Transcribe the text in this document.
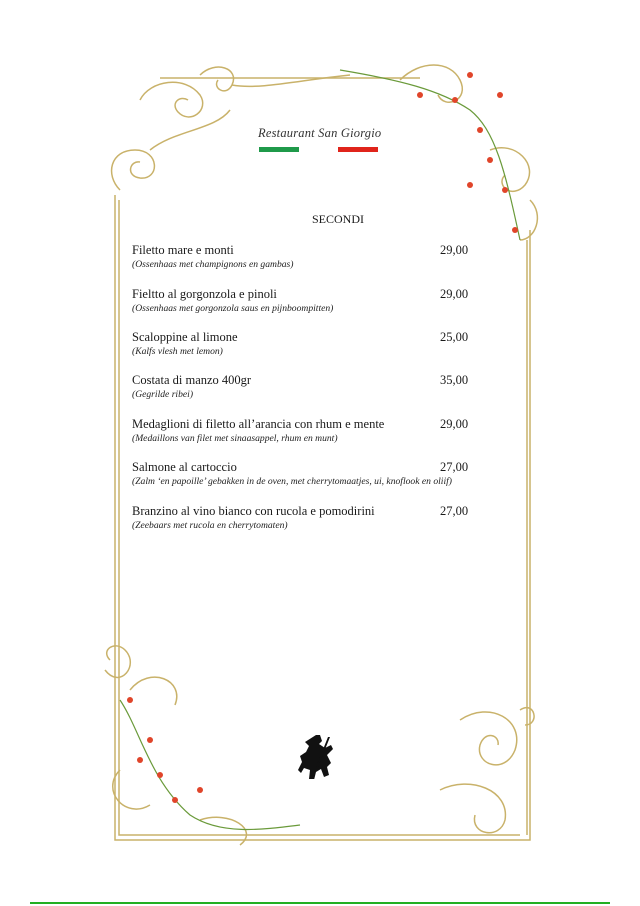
Restaurant San Giorgio
SECONDI
Filetto mare e monti	29,00
(Ossenhaas met champignons en gambas)
Fieltto al gorgonzola e pinoli	29,00
(Ossenhaas met gorgonzola saus en pijnboompitten)
Scaloppine al limone	25,00
(Kalfs vlesh met lemon)
Costata di manzo 400gr	35,00
(Gegrilde ribei)
Medaglioni di filetto all’arancia con rhum e mente	29,00
(Medaillons van filet met sinaasappel, rhum en munt)
Salmone al cartoccio	27,00
(Zalm ‘en papoille’ gebakken in de oven, met cherrytomaatjes, ui, knoflook en oliif)
Branzino al vino bianco con rucola e pomodirini	27,00
(Zeebaars met rucola en cherrytomaten)
